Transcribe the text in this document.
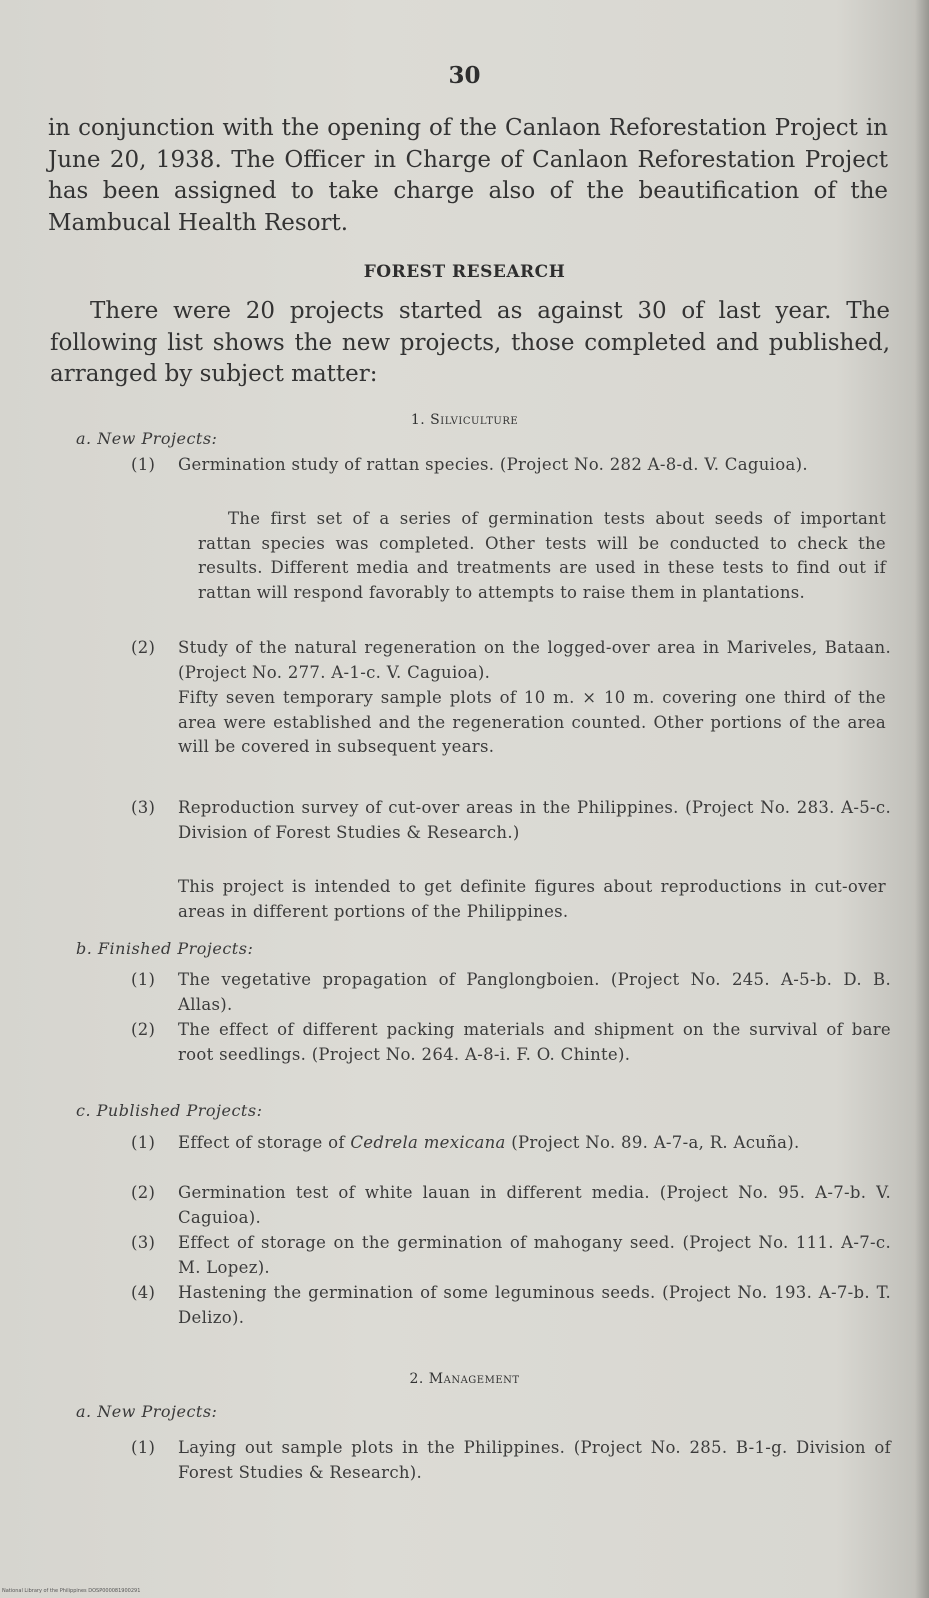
30
in conjunction with the opening of the Canlaon Reforestation Project in June 20, 1938. The Officer in Charge of Canlaon Reforestation Project has been assigned to take charge also of the beautification of the Mambucal Health Resort.
FOREST RESEARCH
There were 20 projects started as against 30 of last year. The following list shows the new projects, those completed and published, arranged by subject matter:
1. Silviculture
a. New Projects:
(1) Germination study of rattan species. (Project No. 282 A-8-d. V. Caguioa).
The first set of a series of germination tests about seeds of important rattan species was completed. Other tests will be conducted to check the results. Different media and treatments are used in these tests to find out if rattan will respond favorably to attempts to raise them in plantations.
(2) Study of the natural regeneration on the logged-over area in Mariveles, Bataan. (Project No. 277. A-1-c. V. Caguioa).
Fifty seven temporary sample plots of 10 m. × 10 m. covering one third of the area were established and the regeneration counted. Other portions of the area will be covered in subsequent years.
(3) Reproduction survey of cut-over areas in the Philippines. (Project No. 283. A-5-c. Division of Forest Studies & Research.)
This project is intended to get definite figures about reproductions in cut-over areas in different portions of the Philippines.
b. Finished Projects:
(1) The vegetative propagation of Panglongboien. (Project No. 245. A-5-b. D. B. Allas).
(2) The effect of different packing materials and shipment on the survival of bare root seedlings. (Project No. 264. A-8-i. F. O. Chinte).
c. Published Projects:
(1) Effect of storage of Cedrela mexicana (Project No. 89. A-7-a, R. Acuña).
(2) Germination test of white lauan in different media. (Project No. 95. A-7-b. V. Caguioa).
(3) Effect of storage on the germination of mahogany seed. (Project No. 111. A-7-c. M. Lopez).
(4) Hastening the germination of some leguminous seeds. (Project No. 193. A-7-b. T. Delizo).
2. Management
a. New Projects:
(1) Laying out sample plots in the Philippines. (Project No. 285. B-1-g. Division of Forest Studies & Research).
National Library of the Philippines DOSP000081900291
